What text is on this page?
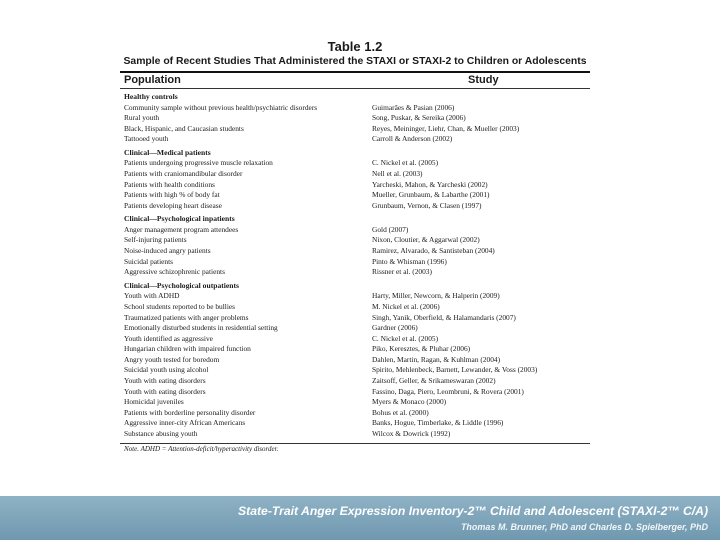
Table 1.2
Sample of Recent Studies That Administered the STAXI or STAXI-2 to Children or Adolescents
Population	Study
Healthy controls
Community sample without previous health/psychiatric disorders	Guimarães & Pasian (2006)
Rural youth	Song, Puskar, & Sereika (2006)
Black, Hispanic, and Caucasian students	Reyes, Meininger, Liehr, Chan, & Mueller (2003)
Tattooed youth	Carroll & Anderson (2002)
Clinical—Medical patients
Patients undergoing progressive muscle relaxation	C. Nickel et al. (2005)
Patients with craniomandibular disorder	Nell et al. (2003)
Patients with health conditions	Yarcheski, Mahon, & Yarcheski (2002)
Patients with high % of body fat	Mueller, Grunbaum, & Labarthe (2001)
Patients developing heart disease	Grunbaum, Vernon, & Clasen (1997)
Clinical—Psychological inpatients
Anger management program attendees	Gold (2007)
Self-injuring patients	Nixon, Cloutier, & Aggarwal (2002)
Noise-induced angry patients	Ramirez, Alvarado, & Santisteban (2004)
Suicidal patients	Pinto & Whisman (1996)
Aggressive schizophrenic patients	Rissner et al. (2003)
Clinical—Psychological outpatients
Youth with ADHD	Harty, Miller, Newcorn, & Halperin (2009)
School students reported to be bullies	M. Nickel et al. (2006)
Traumatized patients with anger problems	Singh, Yanik, Oberfield, & Halamandaris (2007)
Emotionally disturbed students in residential setting	Gardner (2006)
Youth identified as aggressive	C. Nickel et al. (2005)
Hungarian children with impaired function	Piko, Keresztes, & Pluhar (2006)
Angry youth tested for boredom	Dahlen, Martin, Ragan, & Kuhlman (2004)
Suicidal youth using alcohol	Spirito, Mehlenbeck, Barnett, Lewander, & Voss (2003)
Youth with eating disorders	Zaitsoff, Geller, & Srikameswaran (2002)
Youth with eating disorders	Fassino, Daga, Piero, Leombruni, & Rovera (2001)
Homicidal juveniles	Myers & Monaco (2000)
Patients with borderline personality disorder	Bohus et al. (2000)
Aggressive inner-city African Americans	Banks, Hogue, Timberlake, & Liddle (1996)
Substance abusing youth	Wilcox & Dowrick (1992)
Note. ADHD = Attention-deficit/hyperactivity disorder.
State-Trait Anger Expression Inventory-2™ Child and Adolescent (STAXI-2™ C/A)
Thomas M. Brunner, PhD and Charles D. Spielberger, PhD
